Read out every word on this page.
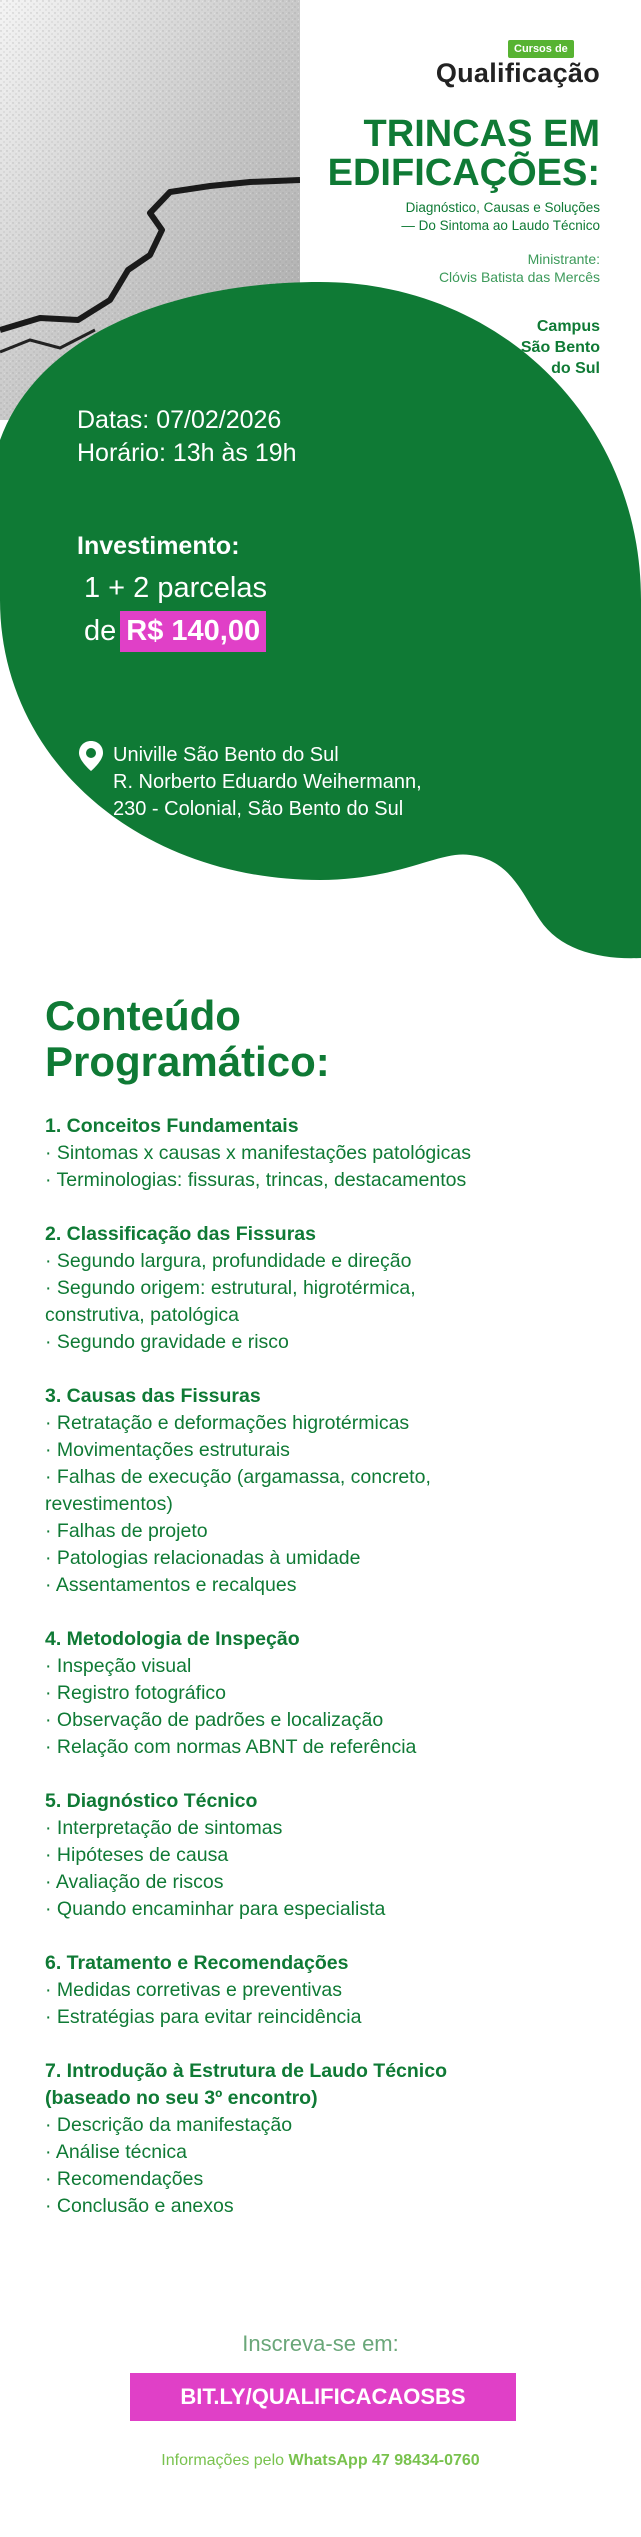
Cursos de
Qualificação
TRINCAS EM
EDIFICAÇÕES:
Diagnóstico, Causas e Soluções
— Do Sintoma ao Laudo Técnico
Ministrante:
Clóvis Batista das Mercês
Campus
São Bento
do Sul
Datas: 07/02/2026
Horário: 13h às 19h
Investimento:
1 + 2 parcelas
de R$ 140,00
Univille São Bento do Sul
R. Norberto Eduardo Weihermann,
230 - Colonial, São Bento do Sul
Conteúdo
Programático:
1. Conceitos Fundamentais
· Sintomas x causas x manifestações patológicas
· Terminologias: fissuras, trincas, destacamentos
2. Classificação das Fissuras
· Segundo largura, profundidade e direção
· Segundo origem: estrutural, higrotérmica,
construtiva, patológica
· Segundo gravidade e risco
3. Causas das Fissuras
· Retratação e deformações higrotérmicas
· Movimentações estruturais
· Falhas de execução (argamassa, concreto,
revestimentos)
· Falhas de projeto
· Patologias relacionadas à umidade
· Assentamentos e recalques
4. Metodologia de Inspeção
· Inspeção visual
· Registro fotográfico
· Observação de padrões e localização
· Relação com normas ABNT de referência
5. Diagnóstico Técnico
· Interpretação de sintomas
· Hipóteses de causa
· Avaliação de riscos
· Quando encaminhar para especialista
6. Tratamento e Recomendações
· Medidas corretivas e preventivas
· Estratégias para evitar reincidência
7. Introdução à Estrutura de Laudo Técnico
(baseado no seu 3º encontro)
· Descrição da manifestação
· Análise técnica
· Recomendações
· Conclusão e anexos
Inscreva-se em:
BIT.LY/QUALIFICACAOSBS
Informações pelo WhatsApp 47 98434-0760
